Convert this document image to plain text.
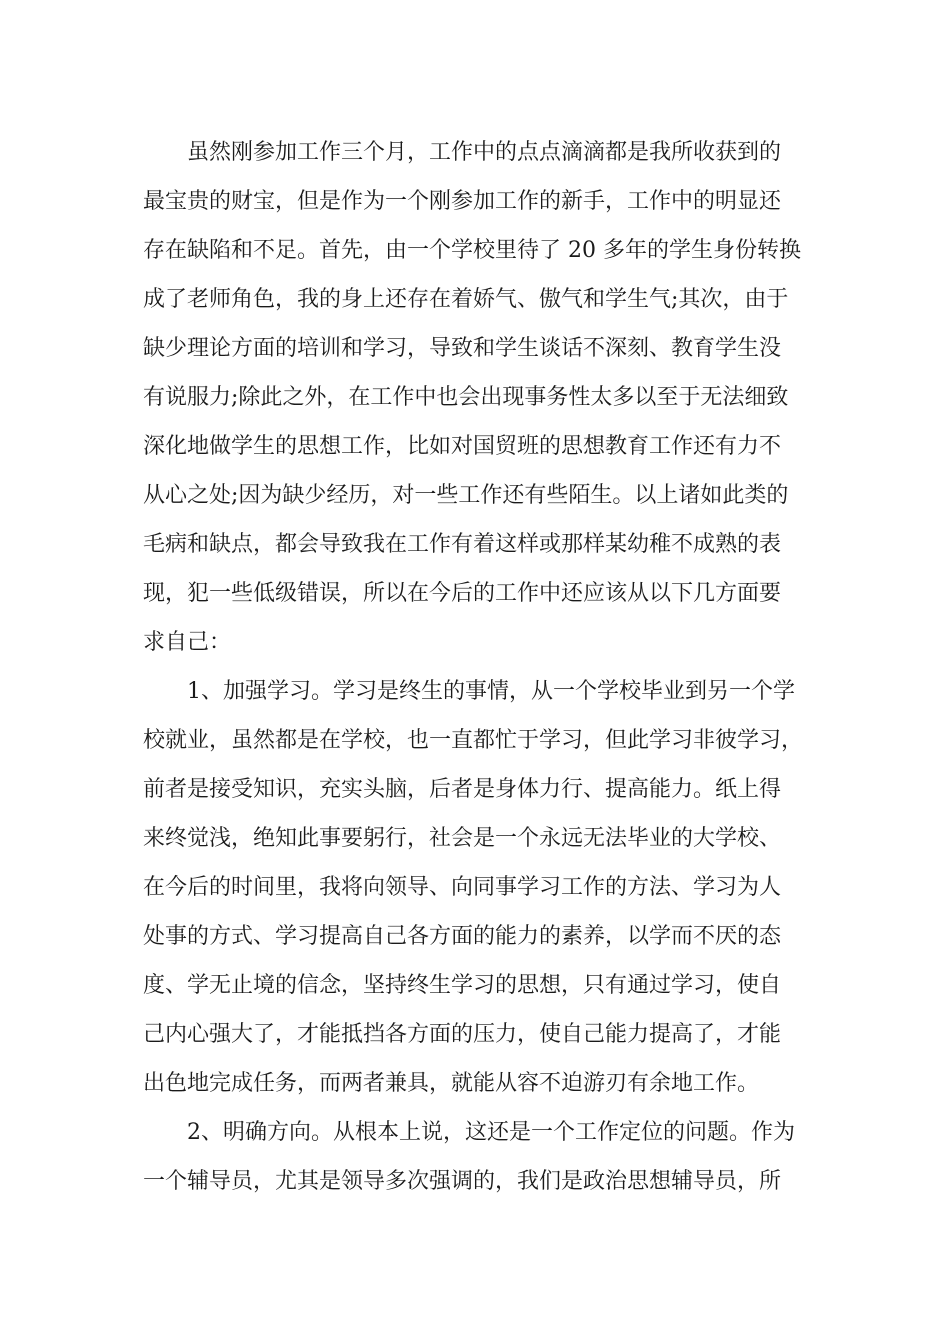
　　虽然刚参加工作三个月，工作中的点点滴滴都是我所收获到的
最宝贵的财宝，但是作为一个刚参加工作的新手，工作中的明显还
存在缺陷和不足。首先，由一个学校里待了 20 多年的学生身份转换
成了老师角色，我的身上还存在着娇气、傲气和学生气;其次，由于
缺少理论方面的培训和学习，导致和学生谈话不深刻、教育学生没
有说服力;除此之外，在工作中也会出现事务性太多以至于无法细致
深化地做学生的思想工作，比如对国贸班的思想教育工作还有力不
从心之处;因为缺少经历，对一些工作还有些陌生。以上诸如此类的
毛病和缺点，都会导致我在工作有着这样或那样某幼稚不成熟的表
现，犯一些低级错误，所以在今后的工作中还应该从以下几方面要
求自己：
　　1、加强学习。学习是终生的事情，从一个学校毕业到另一个学
校就业，虽然都是在学校，也一直都忙于学习，但此学习非彼学习，
前者是接受知识，充实头脑，后者是身体力行、提高能力。纸上得
来终觉浅，绝知此事要躬行，社会是一个永远无法毕业的大学校、
在今后的时间里，我将向领导、向同事学习工作的方法、学习为人
处事的方式、学习提高自己各方面的能力的素养，以学而不厌的态
度、学无止境的信念，坚持终生学习的思想，只有通过学习，使自
己内心强大了，才能抵挡各方面的压力，使自己能力提高了，才能
出色地完成任务，而两者兼具，就能从容不迫游刃有余地工作。
　　2、明确方向。从根本上说，这还是一个工作定位的问题。作为
一个辅导员，尤其是领导多次强调的，我们是政治思想辅导员，所
